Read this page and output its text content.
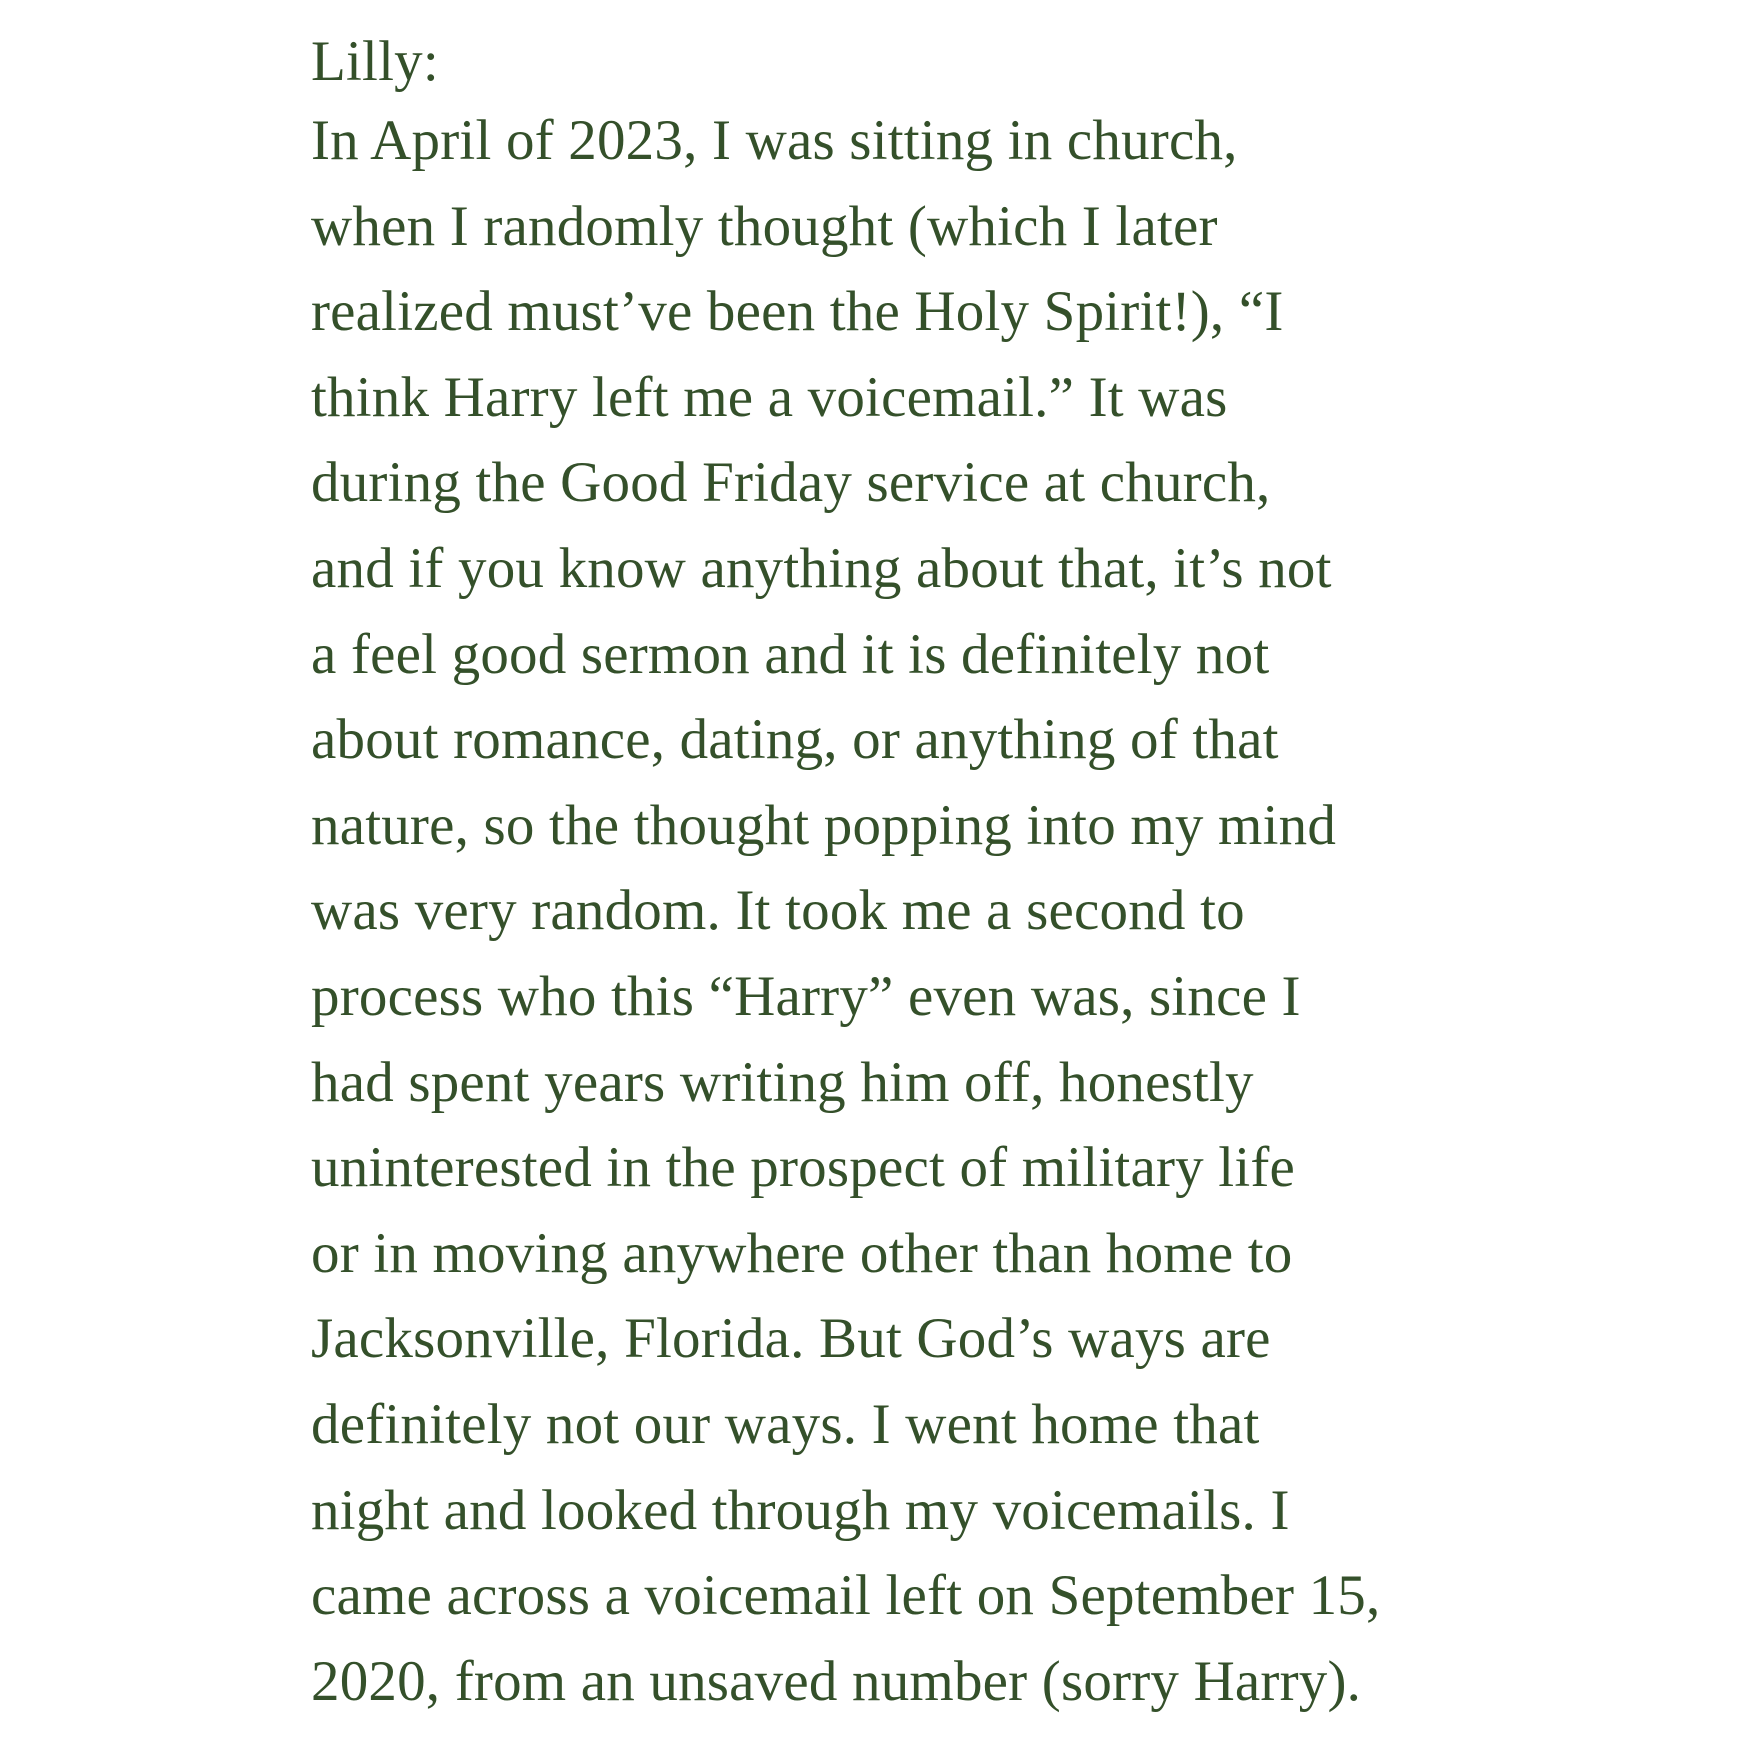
Lilly:
In April of 2023, I was sitting in church,
when I randomly thought (which I later
realized must’ve been the Holy Spirit!), “I
think Harry left me a voicemail.” It was
during the Good Friday service at church,
and if you know anything about that, it’s not
a feel good sermon and it is definitely not
about romance, dating, or anything of that
nature, so the thought popping into my mind
was very random. It took me a second to
process who this “Harry” even was, since I
had spent years writing him off, honestly
uninterested in the prospect of military life
or in moving anywhere other than home to
Jacksonville, Florida. But God’s ways are
definitely not our ways. I went home that
night and looked through my voicemails. I
came across a voicemail left on September 15,
2020, from an unsaved number (sorry Harry).
